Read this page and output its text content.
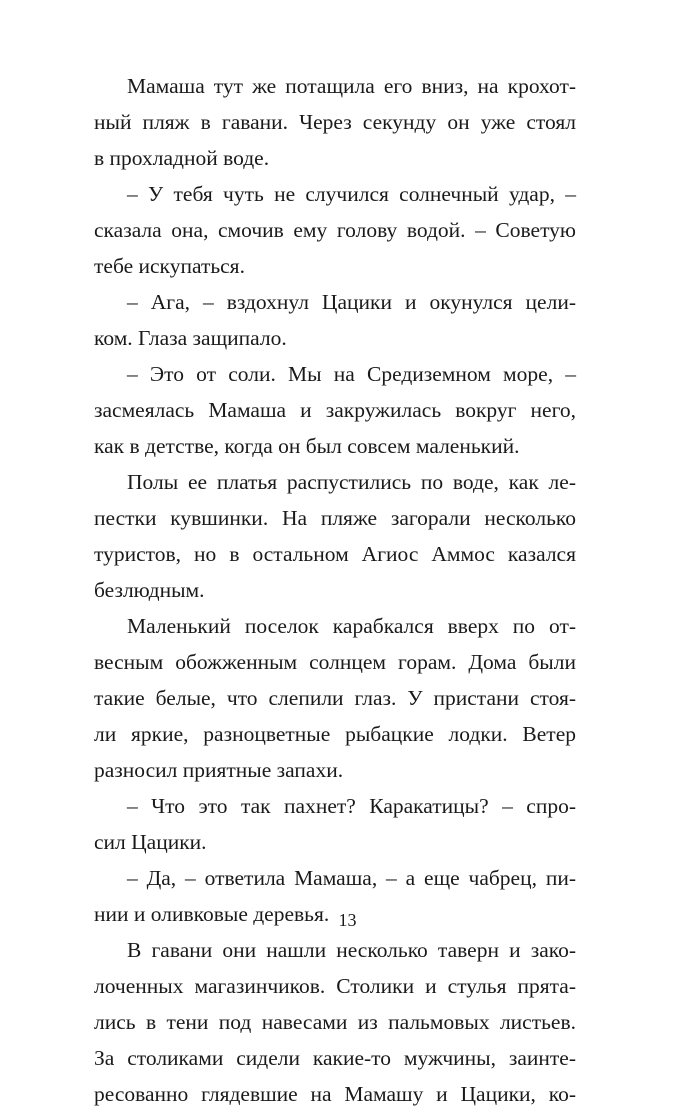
Мамаша тут же потащила его вниз, на крохот-
ный пляж в гавани. Через секунду он уже стоял
в прохладной воде.
– У тебя чуть не случился солнечный удар, –
сказала она, смочив ему голову водой. – Советую
тебе искупаться.
– Ага, – вздохнул Цацики и окунулся цели-
ком. Глаза защипало.
– Это от соли. Мы на Средиземном море, –
засмеялась Мамаша и закружилась вокруг него,
как в детстве, когда он был совсем маленький.
Полы ее платья распустились по воде, как ле-
пестки кувшинки. На пляже загорали несколько
туристов, но в остальном Агиос Аммос казался
безлюдным.
Маленький поселок карабкался вверх по от-
весным обожженным солнцем горам. Дома были
такие белые, что слепили глаз. У пристани стоя-
ли яркие, разноцветные рыбацкие лодки. Ветер
разносил приятные запахи.
– Что это так пахнет? Каракатицы? – спро-
сил Цацики.
– Да, – ответила Мамаша, – а еще чабрец, пи-
нии и оливковые деревья.
В гавани они нашли несколько таверн и зако-
лоченных магазинчиков. Столики и стулья прята-
лись в тени под навесами из пальмовых листьев.
За столиками сидели какие-то мужчины, заинте-
ресованно глядевшие на Мамашу и Цацики, ко-
13
